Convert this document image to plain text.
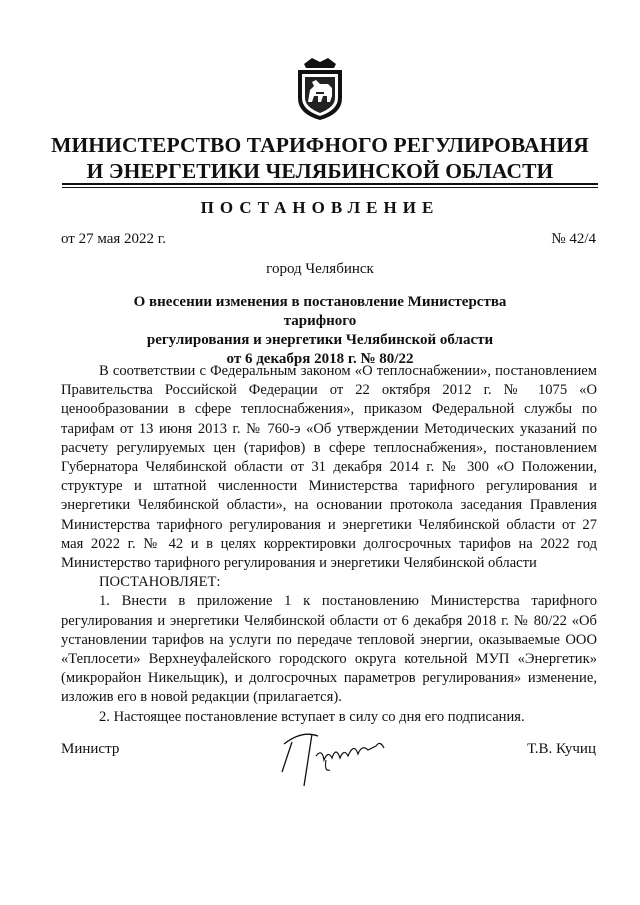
МИНИСТЕРСТВО ТАРИФНОГО РЕГУЛИРОВАНИЯ
И ЭНЕРГЕТИКИ ЧЕЛЯБИНСКОЙ ОБЛАСТИ
ПОСТАНОВЛЕНИЕ
от 27 мая 2022 г.	№ 42/4
город Челябинск
О внесении изменения в постановление Министерства тарифного
регулирования и энергетики Челябинской области
от 6 декабря 2018 г. № 80/22

В соответствии с Федеральным законом «О теплоснабжении», постановлением Правительства Российской Федерации от 22 октября 2012 г. № 1075 «О ценообразовании в сфере теплоснабжения», приказом Федеральной службы по тарифам от 13 июня 2013 г. № 760-э «Об утверждении Методических указаний по расчету регулируемых цен (тарифов) в сфере теплоснабжения», постановлением Губернатора Челябинской области от 31 декабря 2014 г. № 300 «О Положении, структуре и штатной численности Министерства тарифного регулирования и энергетики Челябинской области», на основании протокола заседания Правления Министерства тарифного регулирования и энергетики Челябинской области от 27 мая 2022 г. № 42 и в целях корректировки долгосрочных тарифов на 2022 год Министерство тарифного регулирования и энергетики Челябинской области

ПОСТАНОВЛЯЕТ:

1. Внести в приложение 1 к постановлению Министерства тарифного регулирования и энергетики Челябинской области от 6 декабря 2018 г. № 80/22 «Об установлении тарифов на услуги по передаче тепловой энергии, оказываемые ООО «Теплосети» Верхнеуфалейского городского округа котельной МУП «Энергетик» (микрорайон Никельщик), и долгосрочных параметров регулирования» изменение, изложив его в новой редакции (прилагается).

2. Настоящее постановление вступает в силу со дня его подписания.

Министр	Т.В. Кучиц
